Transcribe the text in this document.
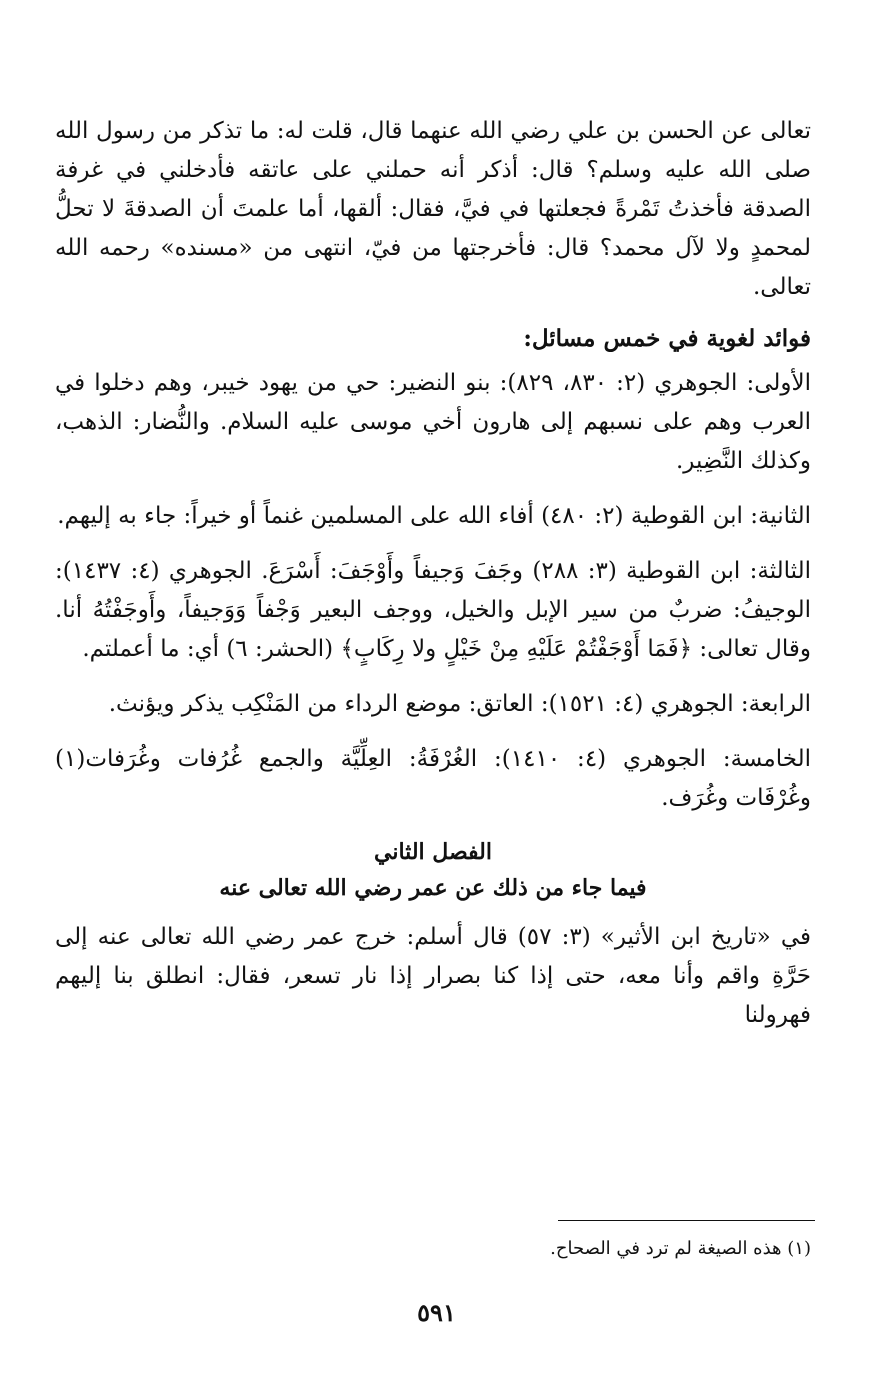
تعالى عن الحسن بن علي رضي الله عنهما قال، قلت له: ما تذكر من رسول الله صلى الله عليه وسلم؟ قال: أذكر أنه حملني على عاتقه فأدخلني في غرفة الصدقة فأخذتُ تَمْرةً فجعلتها في فيَّ، فقال: ألقها، أما علمتَ أن الصدقةَ لا تحلُّ لمحمدٍ ولا لآل محمد؟ قال: فأخرجتها من فيّ، انتهى من «مسنده» رحمه الله تعالى.

فوائد لغوية في خمس مسائل:

الأولى: الجوهري (٢: ٨٣٠، ٨٢٩): بنو النضير: حي من يهود خيبر، وهم دخلوا في العرب وهم على نسبهم إلى هارون أخي موسى عليه السلام. والنُّضار: الذهب، وكذلك النَّضِير.

الثانية: ابن القوطية (٢: ٤٨٠) أفاء الله على المسلمين غنماً أو خيراً: جاء به إليهم.

الثالثة: ابن القوطية (٣: ٢٨٨) وجَفَ وَجيفاً وأَوْجَفَ: أَسْرَعَ. الجوهري (٤: ١٤٣٧): الوجيفُ: ضربٌ من سير الإبل والخيل، ووجف البعير وَجْفاً وَوَجيفاً، وأَوجَفْتُهُ أنا. وقال تعالى: ﴿فَمَا أَوْجَفْتُمْ عَلَيْهِ مِنْ خَيْلٍ ولا رِكَابٍ﴾ (الحشر: ٦) أي: ما أعملتم.

الرابعة: الجوهري (٤: ١٥٢١): العاتق: موضع الرداء من المَنْكِب يذكر ويؤنث.

الخامسة: الجوهري (٤: ١٤١٠): الغُرْفَةُ: العِلِّيَّة والجمع غُرُفات وغُرَفات(١) وغُرْفَات وغُرَف.

الفصل الثاني
فيما جاء من ذلك عن عمر رضي الله تعالى عنه

في «تاريخ ابن الأثير» (٣: ٥٧) قال أسلم: خرج عمر رضي الله تعالى عنه إلى حَرَّةِ واقم وأنا معه، حتى إذا كنا بصرار إذا نار تسعر، فقال: انطلق بنا إليهم فهرولنا

(١) هذه الصيغة لم ترد في الصحاح.
٥٩١
